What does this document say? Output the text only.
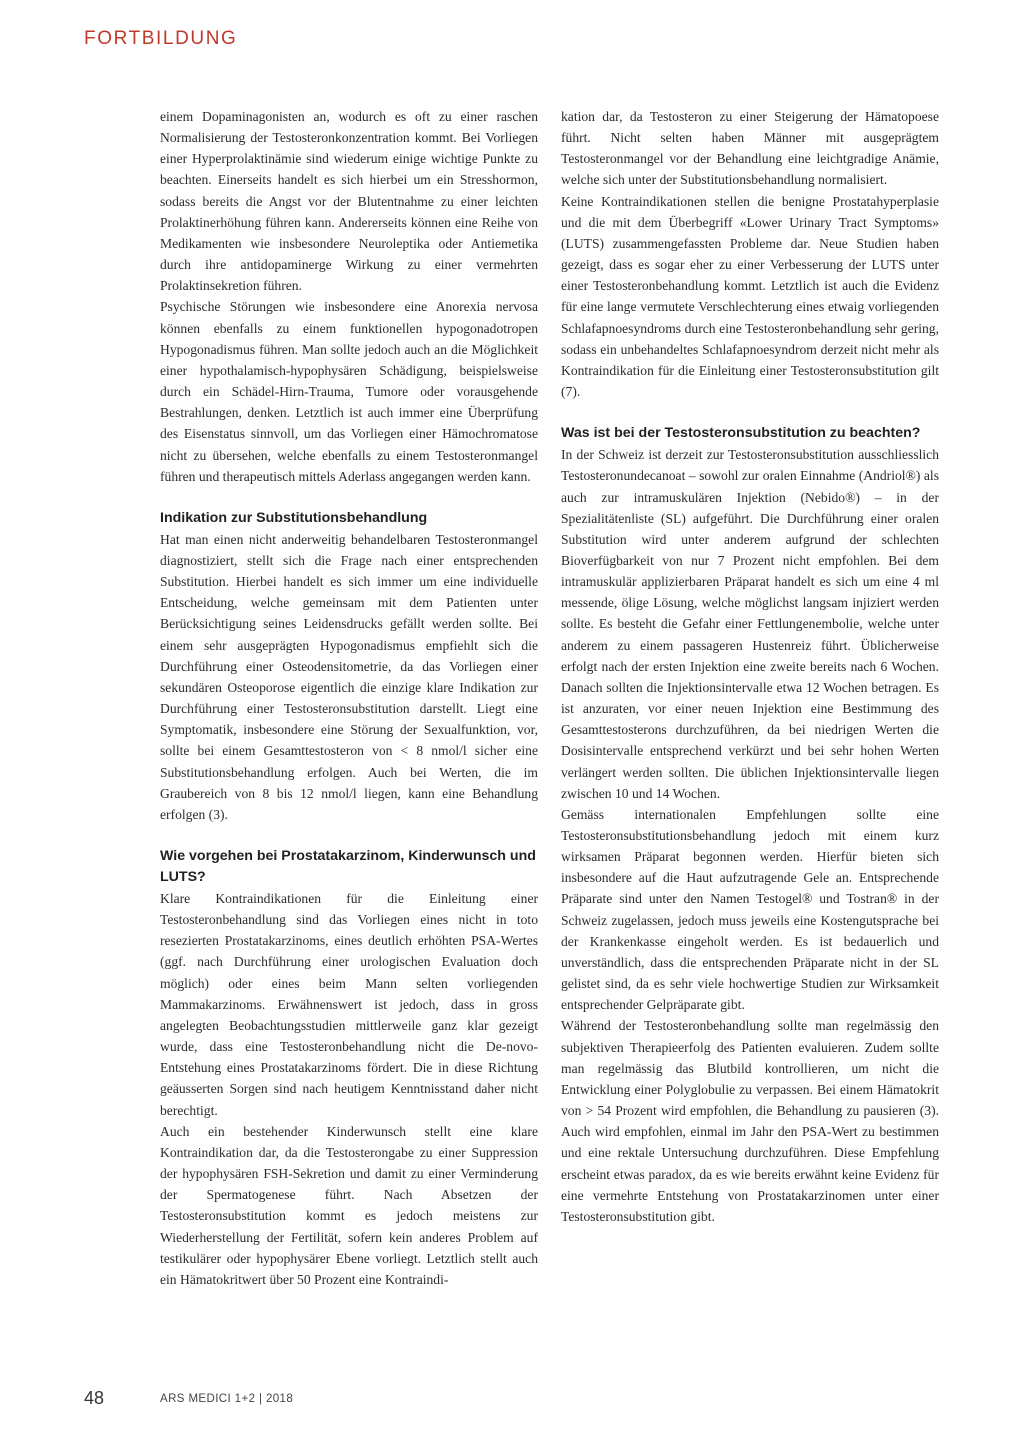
FORTBILDUNG

einem Dopaminagonisten an, wodurch es oft zu einer raschen Normalisierung der Testosteronkonzentration kommt. Bei Vorliegen einer Hyperprolaktinämie sind wiederum einige wichtige Punkte zu beachten. Einerseits handelt es sich hierbei um ein Stresshormon, sodass bereits die Angst vor der Blutentnahme zu einer leichten Prolaktinerhöhung führen kann. Andererseits können eine Reihe von Medikamenten wie insbesondere Neuroleptika oder Antiemetika durch ihre antidopaminerge Wirkung zu einer vermehrten Prolaktinsekretion führen.

Psychische Störungen wie insbesondere eine Anorexia nervosa können ebenfalls zu einem funktionellen hypogonadotropen Hypogonadismus führen. Man sollte jedoch auch an die Möglichkeit einer hypothalamisch-hypophysären Schädigung, beispielsweise durch ein Schädel-Hirn-Trauma, Tumore oder vorausgehende Bestrahlungen, denken. Letztlich ist auch immer eine Überprüfung des Eisenstatus sinnvoll, um das Vorliegen einer Hämochromatose nicht zu übersehen, welche ebenfalls zu einem Testosteronmangel führen und therapeutisch mittels Aderlass angegangen werden kann.

Indikation zur Substitutionsbehandlung

Hat man einen nicht anderweitig behandelbaren Testosteronmangel diagnostiziert, stellt sich die Frage nach einer entsprechenden Substitution. Hierbei handelt es sich immer um eine individuelle Entscheidung, welche gemeinsam mit dem Patienten unter Berücksichtigung seines Leidensdrucks gefällt werden sollte. Bei einem sehr ausgeprägten Hypogonadismus empfiehlt sich die Durchführung einer Osteodensitometrie, da das Vorliegen einer sekundären Osteoporose eigentlich die einzige klare Indikation zur Durchführung einer Testosteronsubstitution darstellt. Liegt eine Symptomatik, insbesondere eine Störung der Sexualfunktion, vor, sollte bei einem Gesamttestosteron von < 8 nmol/l sicher eine Substitutionsbehandlung erfolgen. Auch bei Werten, die im Graubereich von 8 bis 12 nmol/l liegen, kann eine Behandlung erfolgen (3).

Wie vorgehen bei Prostatakarzinom, Kinderwunsch und LUTS?

Klare Kontraindikationen für die Einleitung einer Testosteronbehandlung sind das Vorliegen eines nicht in toto resezierten Prostatakarzinoms, eines deutlich erhöhten PSA-Wertes (ggf. nach Durchführung einer urologischen Evaluation doch möglich) oder eines beim Mann selten vorliegenden Mammakarzinoms. Erwähnenswert ist jedoch, dass in gross angelegten Beobachtungsstudien mittlerweile ganz klar gezeigt wurde, dass eine Testosteronbehandlung nicht die De-novo-Entstehung eines Prostatakarzinoms fördert. Die in diese Richtung geäusserten Sorgen sind nach heutigem Kenntnisstand daher nicht berechtigt.

Auch ein bestehender Kinderwunsch stellt eine klare Kontraindikation dar, da die Testosterongabe zu einer Suppression der hypophysären FSH-Sekretion und damit zu einer Verminderung der Spermatogenese führt. Nach Absetzen der Testosteronsubstitution kommt es jedoch meistens zur Wiederherstellung der Fertilität, sofern kein anderes Problem auf testikulärer oder hypophysärer Ebene vorliegt. Letztlich stellt auch ein Hämatokritwert über 50 Prozent eine Kontraindi-

kation dar, da Testosteron zu einer Steigerung der Hämatopoese führt. Nicht selten haben Männer mit ausgeprägtem Testosteronmangel vor der Behandlung eine leichtgradige Anämie, welche sich unter der Substitutionsbehandlung normalisiert.

Keine Kontraindikationen stellen die benigne Prostatahyperplasie und die mit dem Überbegriff «Lower Urinary Tract Symptoms» (LUTS) zusammengefassten Probleme dar. Neue Studien haben gezeigt, dass es sogar eher zu einer Verbesserung der LUTS unter einer Testosteronbehandlung kommt. Letztlich ist auch die Evidenz für eine lange vermutete Verschlechterung eines etwaig vorliegenden Schlafapnoesyndroms durch eine Testosteronbehandlung sehr gering, sodass ein unbehandeltes Schlafapnoesyndrom derzeit nicht mehr als Kontraindikation für die Einleitung einer Testosteronsubstitution gilt (7).

Was ist bei der Testosteronsubstitution zu beachten?

In der Schweiz ist derzeit zur Testosteronsubstitution ausschliesslich Testosteronundecanoat – sowohl zur oralen Einnahme (Andriol®) als auch zur intramuskulären Injektion (Nebido®) – in der Spezialitätenliste (SL) aufgeführt. Die Durchführung einer oralen Substitution wird unter anderem aufgrund der schlechten Bioverfügbarkeit von nur 7 Prozent nicht empfohlen. Bei dem intramuskulär applizierbaren Präparat handelt es sich um eine 4 ml messende, ölige Lösung, welche möglichst langsam injiziert werden sollte. Es besteht die Gefahr einer Fettlungenembolie, welche unter anderem zu einem passageren Hustenreiz führt. Üblicherweise erfolgt nach der ersten Injektion eine zweite bereits nach 6 Wochen. Danach sollten die Injektionsintervalle etwa 12 Wochen betragen. Es ist anzuraten, vor einer neuen Injektion eine Bestimmung des Gesamttestosterons durchzuführen, da bei niedrigen Werten die Dosisintervalle entsprechend verkürzt und bei sehr hohen Werten verlängert werden sollten. Die üblichen Injektionsintervalle liegen zwischen 10 und 14 Wochen.

Gemäss internationalen Empfehlungen sollte eine Testosteronsubstitutionsbehandlung jedoch mit einem kurz wirksamen Präparat begonnen werden. Hierfür bieten sich insbesondere auf die Haut aufzutragende Gele an. Entsprechende Präparate sind unter den Namen Testogel® und Tostran® in der Schweiz zugelassen, jedoch muss jeweils eine Kostengutsprache bei der Krankenkasse eingeholt werden. Es ist bedauerlich und unverständlich, dass die entsprechenden Präparate nicht in der SL gelistet sind, da es sehr viele hochwertige Studien zur Wirksamkeit entsprechender Gelpräparate gibt.

Während der Testosteronbehandlung sollte man regelmässig den subjektiven Therapieerfolg des Patienten evaluieren. Zudem sollte man regelmässig das Blutbild kontrollieren, um nicht die Entwicklung einer Polyglobulie zu verpassen. Bei einem Hämatokrit von > 54 Prozent wird empfohlen, die Behandlung zu pausieren (3). Auch wird empfohlen, einmal im Jahr den PSA-Wert zu bestimmen und eine rektale Untersuchung durchzuführen. Diese Empfehlung erscheint etwas paradox, da es wie bereits erwähnt keine Evidenz für eine vermehrte Entstehung von Prostatakarzinomen unter einer Testosteronsubstitution gibt.

48	ARS MEDICI 1+2 | 2018
